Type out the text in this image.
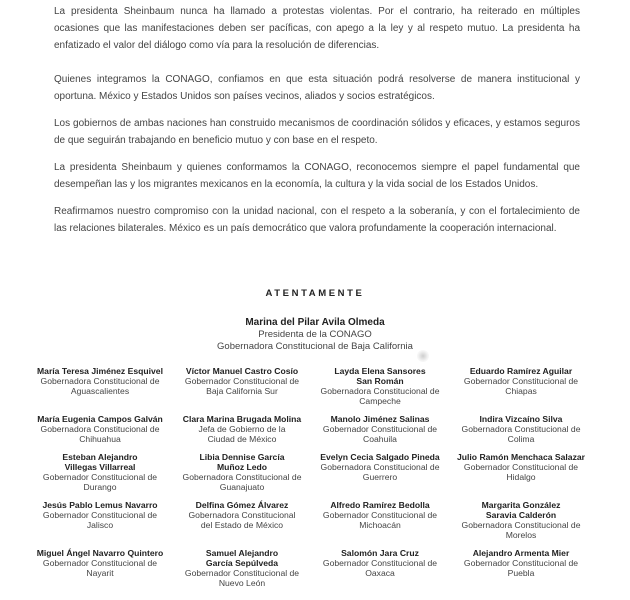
La presidenta Sheinbaum nunca ha llamado a protestas violentas. Por el contrario, ha reiterado en múltiples ocasiones que las manifestaciones deben ser pacíficas, con apego a la ley y al respeto mutuo. La presidenta ha enfatizado el valor del diálogo como vía para la resolución de diferencias.

Quienes integramos la CONAGO, confiamos en que esta situación podrá resolverse de manera institucional y oportuna. México y Estados Unidos son países vecinos, aliados y socios estratégicos.

Los gobiernos de ambas naciones han construido mecanismos de coordinación sólidos y eficaces, y estamos seguros de que seguirán trabajando en beneficio mutuo y con base en el respeto.

La presidenta Sheinbaum y quienes conformamos la CONAGO, reconocemos siempre el papel fundamental que desempeñan las y los migrantes mexicanos en la economía, la cultura y la vida social de los Estados Unidos.

Reafirmamos nuestro compromiso con la unidad nacional, con el respeto a la soberanía, y con el fortalecimiento de las relaciones bilaterales. México es un país democrático que valora profundamente la cooperación internacional.

ATENTAMENTE
Marina del Pilar Avila Olmeda
Presidenta de la CONAGO
Gobernadora Constitucional de Baja California
María Teresa Jiménez Esquivel
Gobernadora Constitucional de Aguascalientes
Víctor Manuel Castro Cosío
Gobernador Constitucional de Baja California Sur
Layda Elena Sansores San Román
Gobernadora Constitucional de Campeche
Eduardo Ramírez Aguilar
Gobernador Constitucional de Chiapas
María Eugenia Campos Galván
Gobernadora Constitucional de Chihuahua
Clara Marina Brugada Molina
Jefa de Gobierno de la Ciudad de México
Manolo Jiménez Salinas
Gobernador Constitucional de Coahuila
Indira Vizcaíno Silva
Gobernadora Constitucional de Colima
Esteban Alejandro Villegas Villarreal
Gobernador Constitucional de Durango
Libia Dennise García Muñoz Ledo
Gobernadora Constitucional de Guanajuato
Evelyn Cecia Salgado Pineda
Gobernadora Constitucional de Guerrero
Julio Ramón Menchaca Salazar
Gobernador Constitucional de Hidalgo
Jesús Pablo Lemus Navarro
Gobernador Constitucional de Jalisco
Delfina Gómez Álvarez
Gobernadora Constitucional del Estado de México
Alfredo Ramírez Bedolla
Gobernador Constitucional de Michoacán
Margarita González Saravia Calderón
Gobernadora Constitucional de Morelos
Miguel Ángel Navarro Quintero
Gobernador Constitucional de Nayarit
Samuel Alejandro García Sepúlveda
Gobernador Constitucional de Nuevo León
Salomón Jara Cruz
Gobernador Constitucional de Oaxaca
Alejandro Armenta Mier
Gobernador Constitucional de Puebla
